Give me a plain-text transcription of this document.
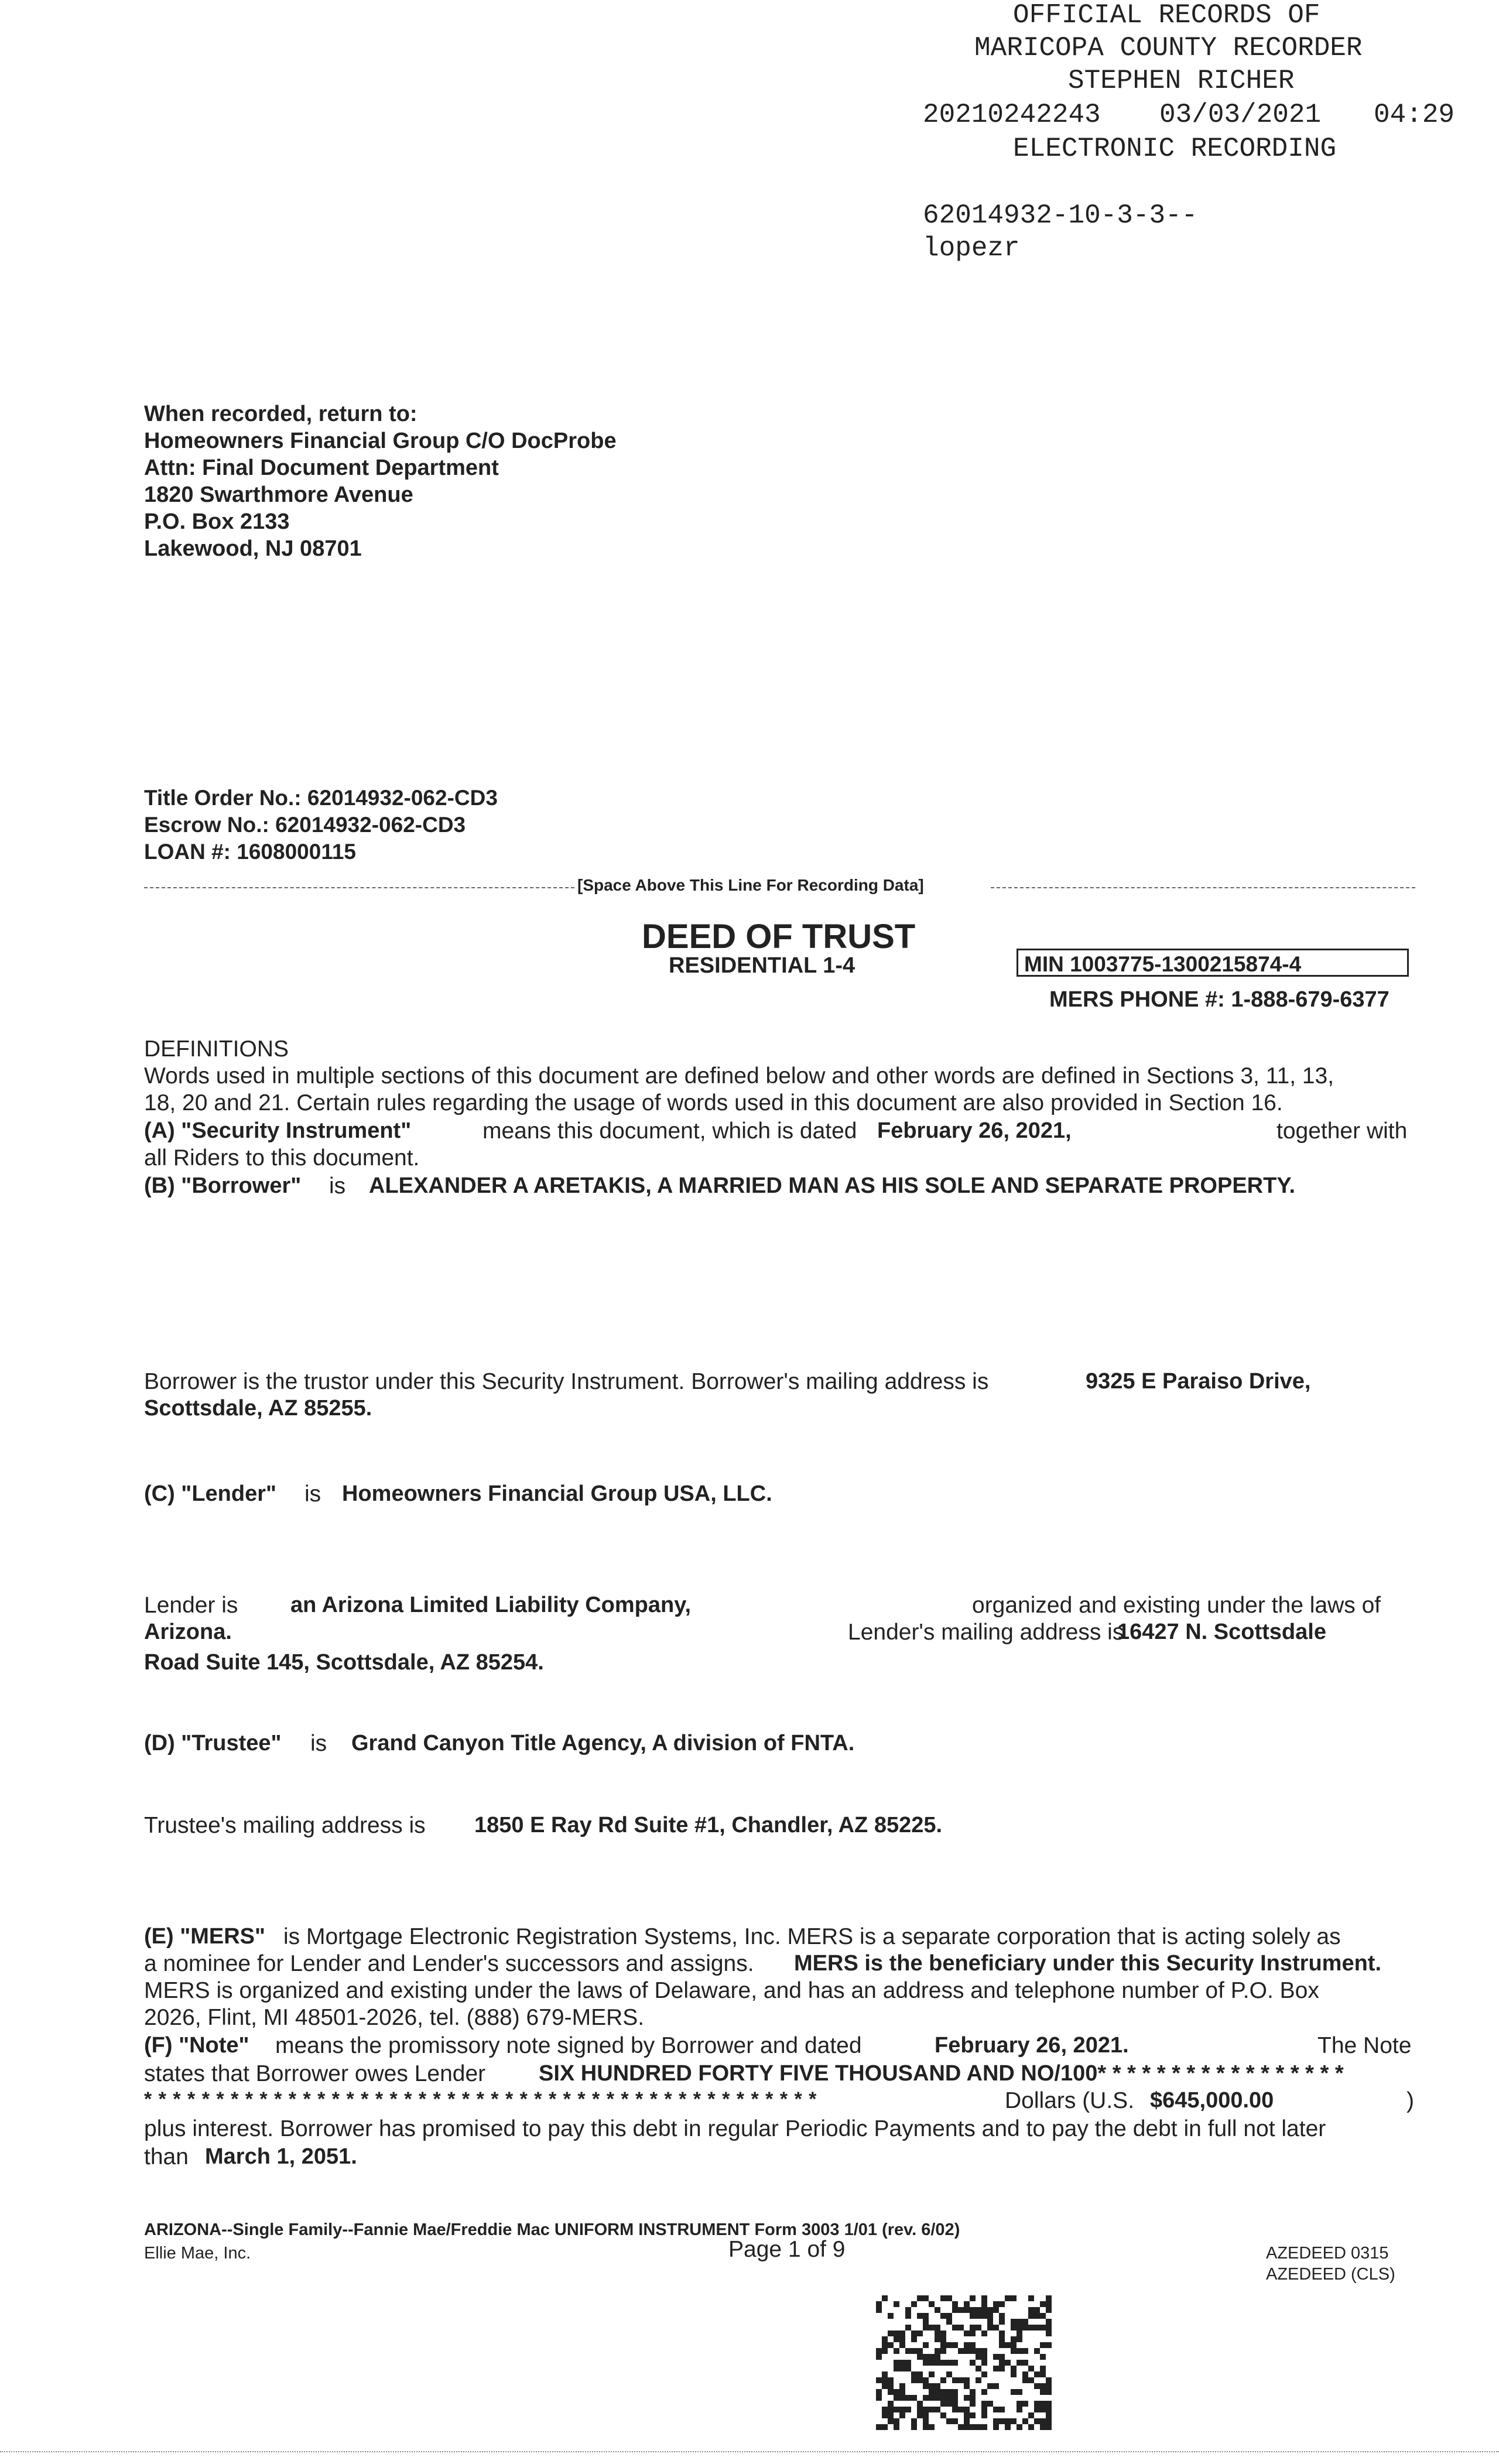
OFFICIAL RECORDS OF
MARICOPA COUNTY RECORDER
STEPHEN RICHER
20210242243 03/03/2021 04:29
ELECTRONIC RECORDING
62014932-10-3-3--
lopezr
When recorded, return to:
Homeowners Financial Group C/O DocProbe
Attn: Final Document Department
1820 Swarthmore Avenue
P.O. Box 2133
Lakewood, NJ 08701
Title Order No.: 62014932-062-CD3
Escrow No.: 62014932-062-CD3
LOAN #: 1608000115
[Space Above This Line For Recording Data]
DEED OF TRUST
RESIDENTIAL 1-4	MIN 1003775-1300215874-4
MERS PHONE #: 1-888-679-6377
DEFINITIONS
Words used in multiple sections of this document are defined below and other words are defined in Sections 3, 11, 13,
18, 20 and 21. Certain rules regarding the usage of words used in this document are also provided in Section 16.
(A) "Security Instrument"	means this document, which is dated February 26, 2021,	together with
all Riders to this document.
(B) "Borrower" is ALEXANDER A ARETAKIS, A MARRIED MAN AS HIS SOLE AND SEPARATE PROPERTY.
Borrower is the trustor under this Security Instrument. Borrower's mailing address is	9325 E Paraiso Drive,
Scottsdale, AZ 85255.
(C) "Lender" is Homeowners Financial Group USA, LLC.
Lender is an Arizona Limited Liability Company,	organized and existing under the laws of
Arizona.	Lender's mailing address is
16427 N. Scottsdale
Road Suite 145, Scottsdale, AZ 85254.
(D) "Trustee" is Grand Canyon Title Agency, A division of FNTA.
Trustee's mailing address is 1850 E Ray Rd Suite #1, Chandler, AZ 85225.
(E) "MERS" is Mortgage Electronic Registration Systems, Inc. MERS is a separate corporation that is acting solely as
a nominee for Lender and Lender's successors and assigns. MERS is the beneficiary under this Security Instrument.
MERS is organized and existing under the laws of Delaware, and has an address and telephone number of P.O. Box
2026, Flint, MI 48501-2026, tel. (888) 679-MERS.
(F) "Note" means the promissory note signed by Borrower and dated	February 26, 2021.	The Note
states that Borrower owes Lender SIX HUNDRED FORTY FIVE THOUSAND AND NO/100* * * * * * * * * * * * * * * * *
* * * * * * * * * * * * * * * * * * * * * * * * * * * * * * * * * * * * * * * * * * * * * * *	Dollars (U.S. $645,000.00	)
plus interest. Borrower has promised to pay this debt in regular Periodic Payments and to pay the debt in full not later
than March 1, 2051.
ARIZONA--Single Family--Fannie Mae/Freddie Mac UNIFORM INSTRUMENT Form 3003 1/01 (rev. 6/02)
Ellie Mae, Inc.	Page 1 of 9	AZEDEED 0315
AZEDEED (CLS)
